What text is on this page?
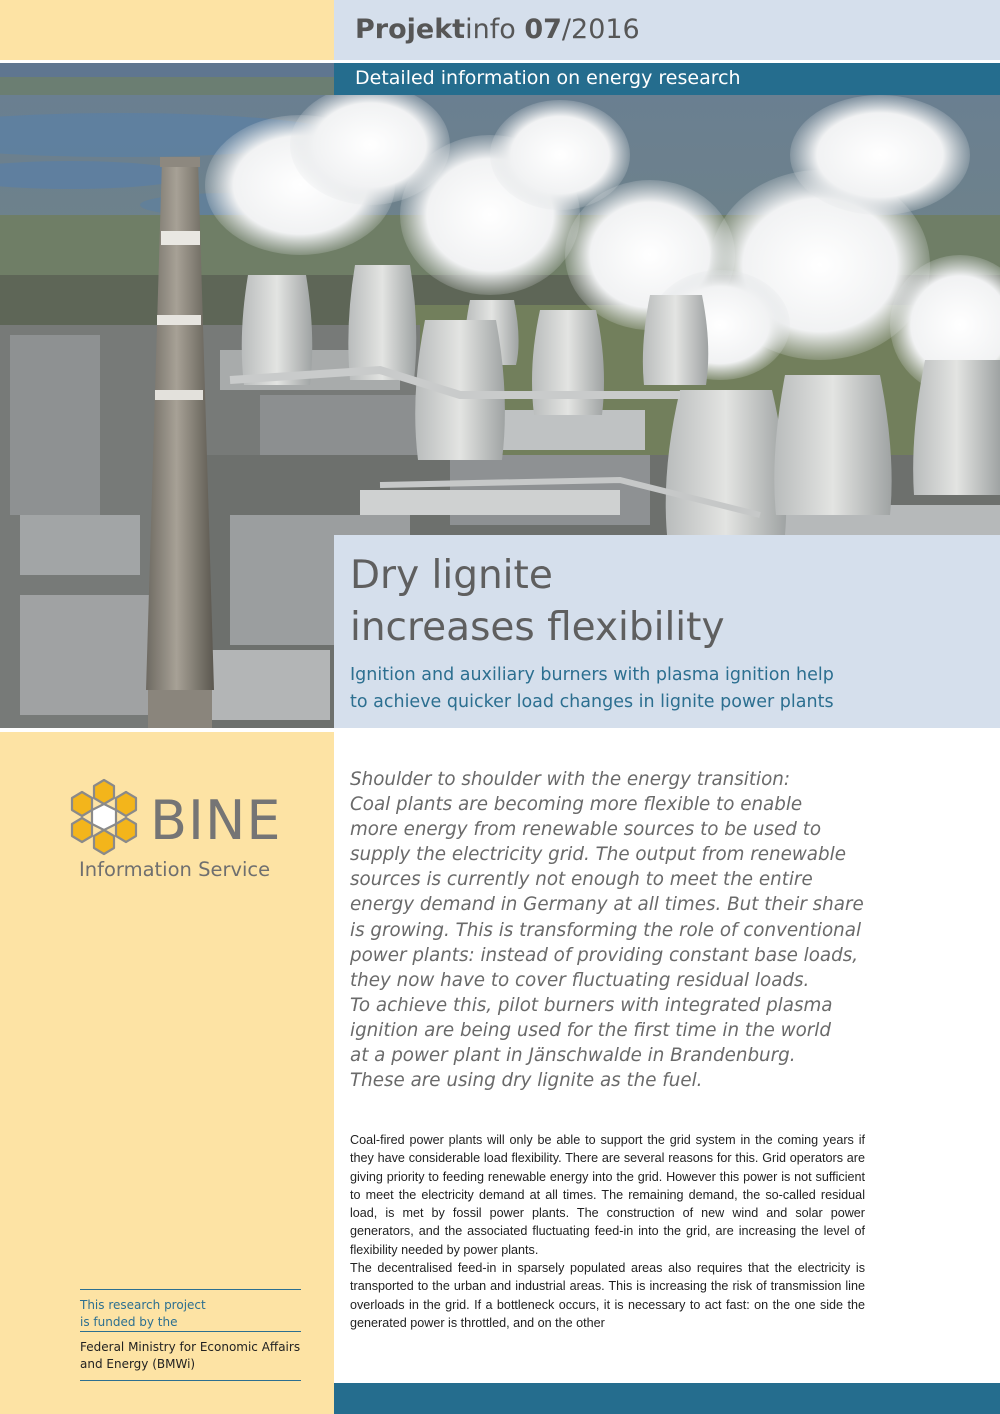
Projektinfo 07/2016
Detailed information on energy research
Dry lignite
increases flexibility
Ignition and auxiliary burners with plasma ignition help
to achieve quicker load changes in lignite power plants
BINE
Information Service
This research project
is funded by the
Federal Ministry for Economic Affairs
and Energy (BMWi)
Shoulder to shoulder with the energy transition:
Coal plants are becoming more flexible to enable
more energy from renewable sources to be used to
supply the electricity grid. The output from renewable
sources is currently not enough to meet the entire
energy demand in Germany at all times. But their share
is growing. This is transforming the role of conventional
power plants: instead of providing constant base loads,
they now have to cover fluctuating residual loads.
To achieve this, pilot burners with integrated plasma
ignition are being used for the first time in the world
at a power plant in Jänschwalde in Brandenburg.
These are using dry lignite as the fuel.

Coal-fired power plants will only be able to support the grid system in the coming years if they have considerable load flexibility. There are several reasons for this. Grid operators are giving priority to feeding renewable energy into the grid. However this power is not sufficient to meet the electricity demand at all times. The remaining demand, the so-called residual load, is met by fossil power plants. The construction of new wind and solar power generators, and the associated fluctuating feed-in into the grid, are increasing the level of flexibility needed by power plants.

The decentralised feed-in in sparsely populated areas also requires that the electricity is transported to the urban and industrial areas. This is increasing the risk of transmission line overloads in the grid. If a bottleneck occurs, it is necessary to act fast: on the one side the generated power is throttled, and on the other
